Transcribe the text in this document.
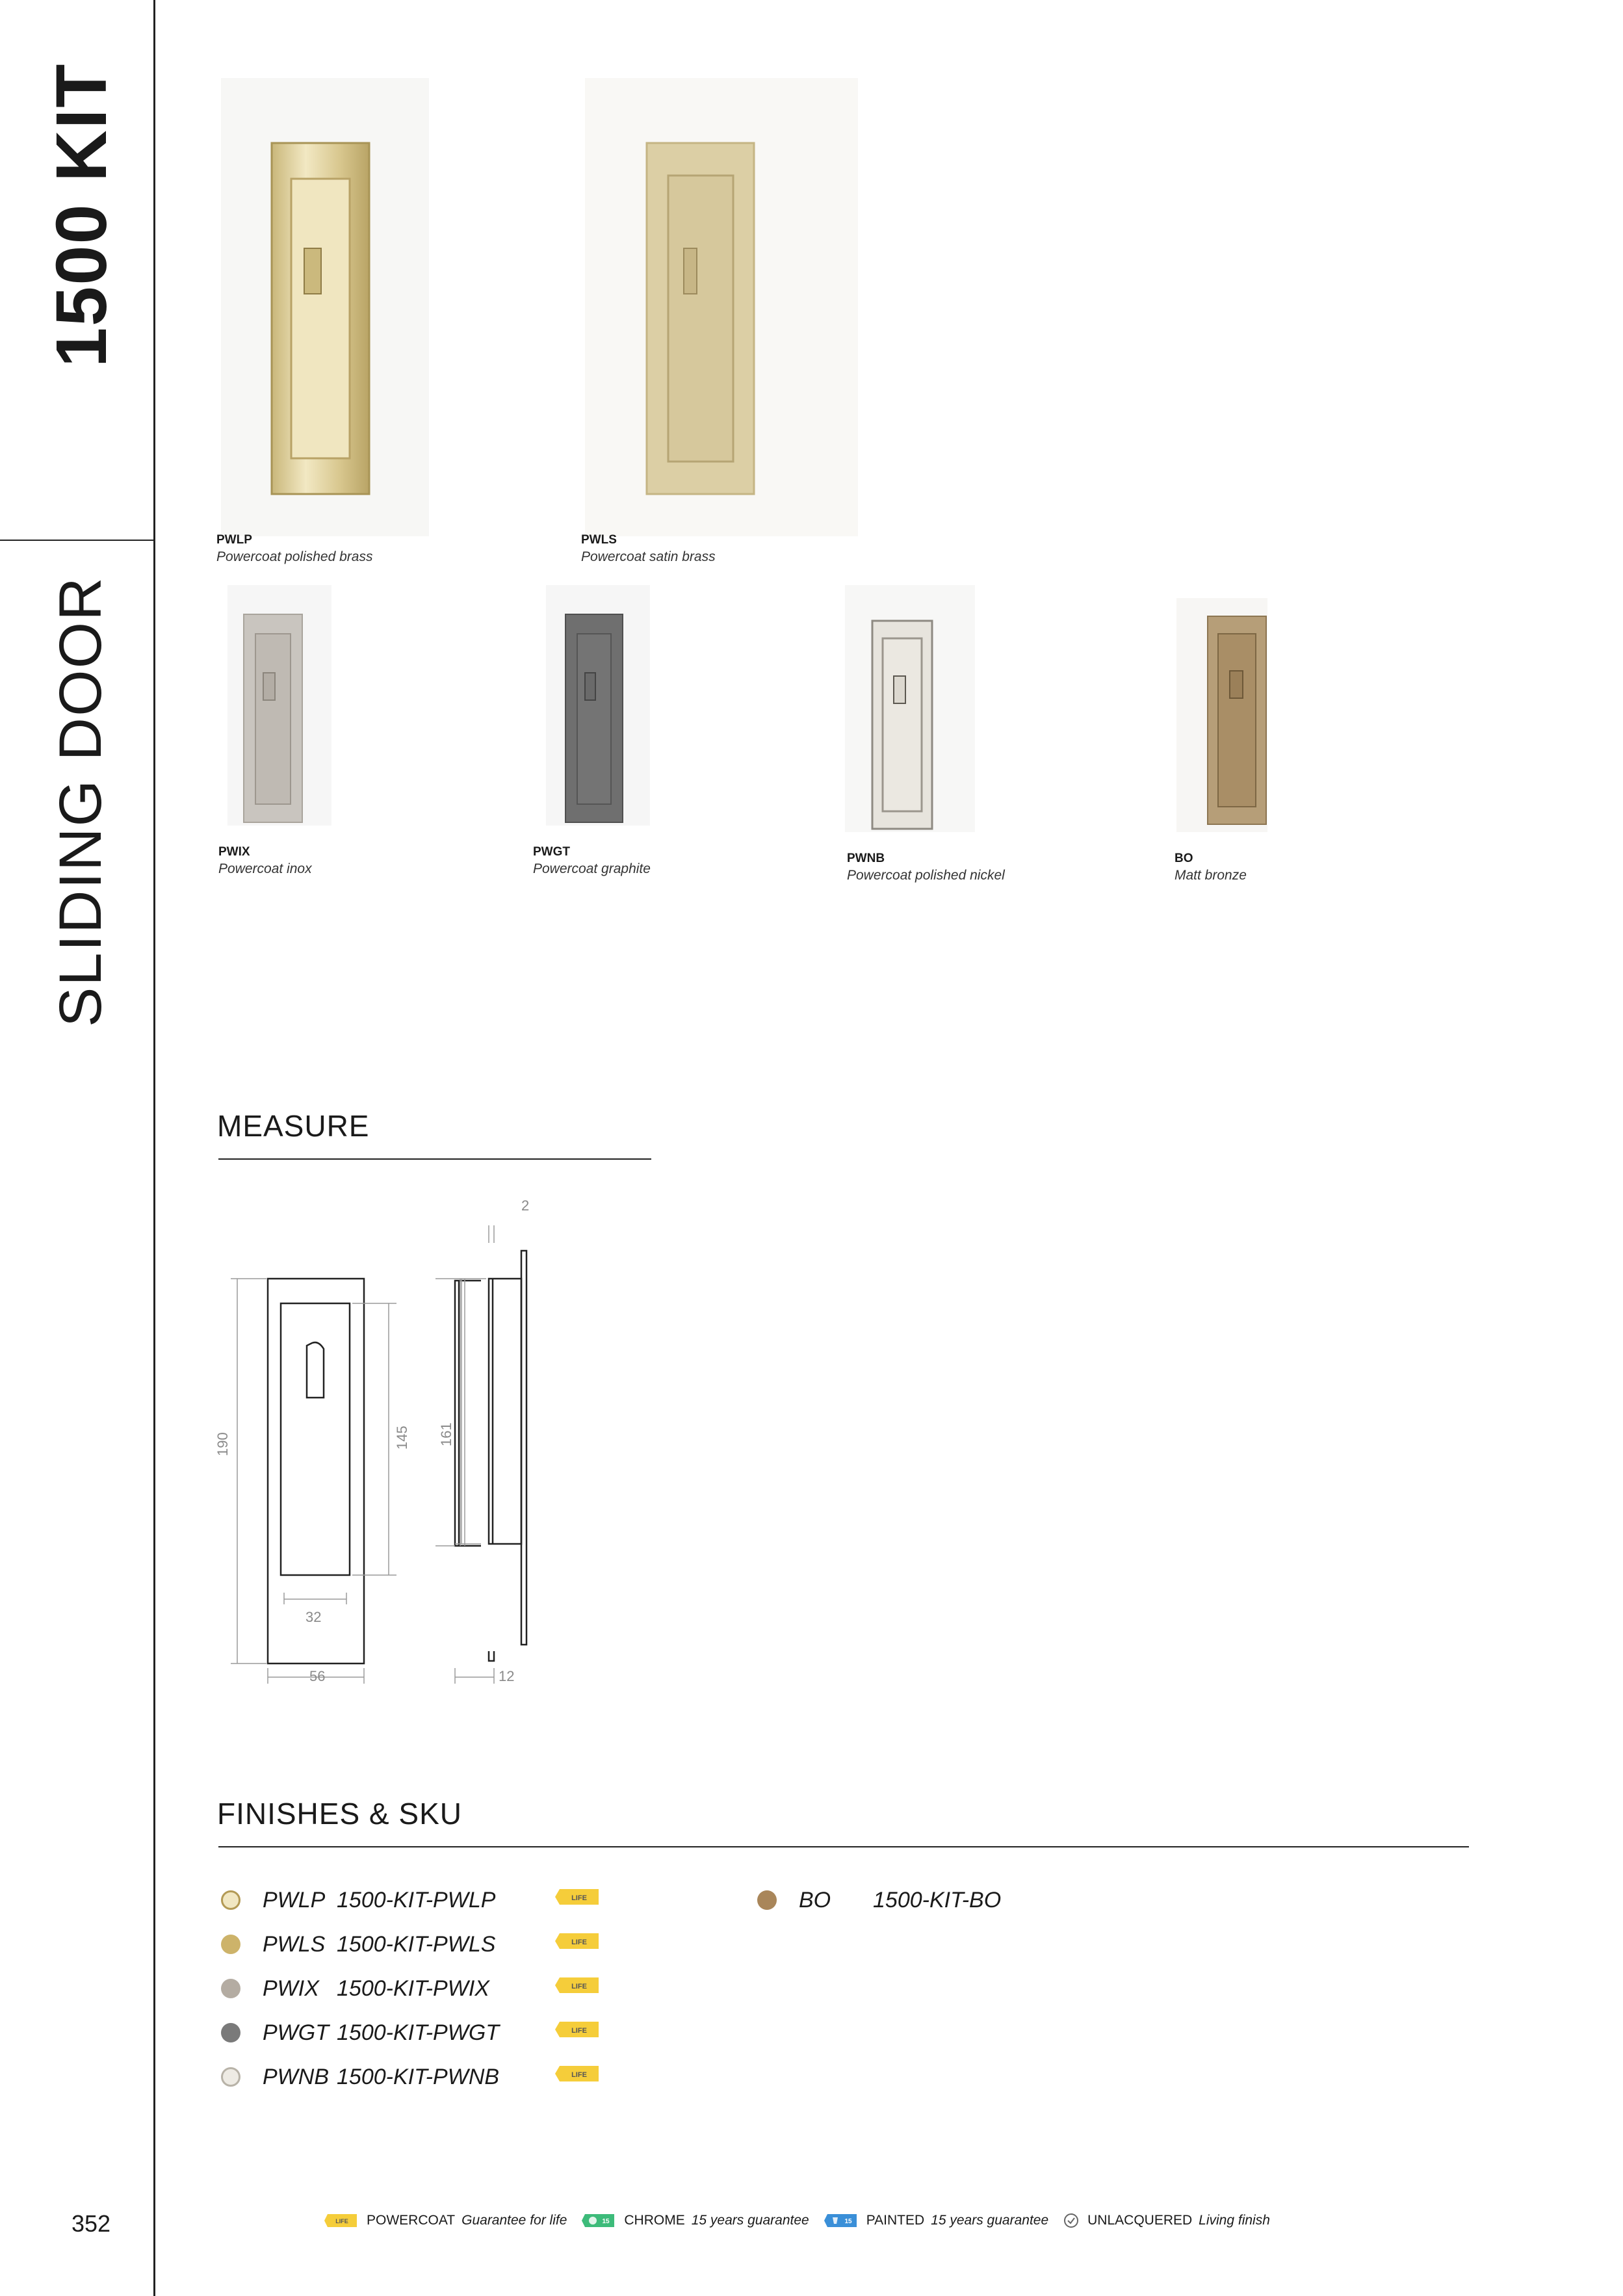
1500 KIT
SLIDING DOOR
352
PWLP
Powercoat polished brass
PWLS
Powercoat satin brass
PWIX
Powercoat inox
PWGT
Powercoat graphite
PWNB
Powercoat polished nickel
BO
Matt bronze
MEASURE
190	145 161
32
56	12
2
FINISHES & SKU
PWLP 1500-KIT-PWLP
PWLS 1500-KIT-PWLS
PWIX 1500-KIT-PWIX
PWGT 1500-KIT-PWGT
PWNB 1500-KIT-PWNB
BO	1500-KIT-BO
LIFE
LIFE
LIFE
LIFE
LIFE
LIFE POWERCOAT Guarantee for life	15 CHROME 15 years guarantee	15 PAINTED 15 years guarantee	UNLACQUERED Living finish
